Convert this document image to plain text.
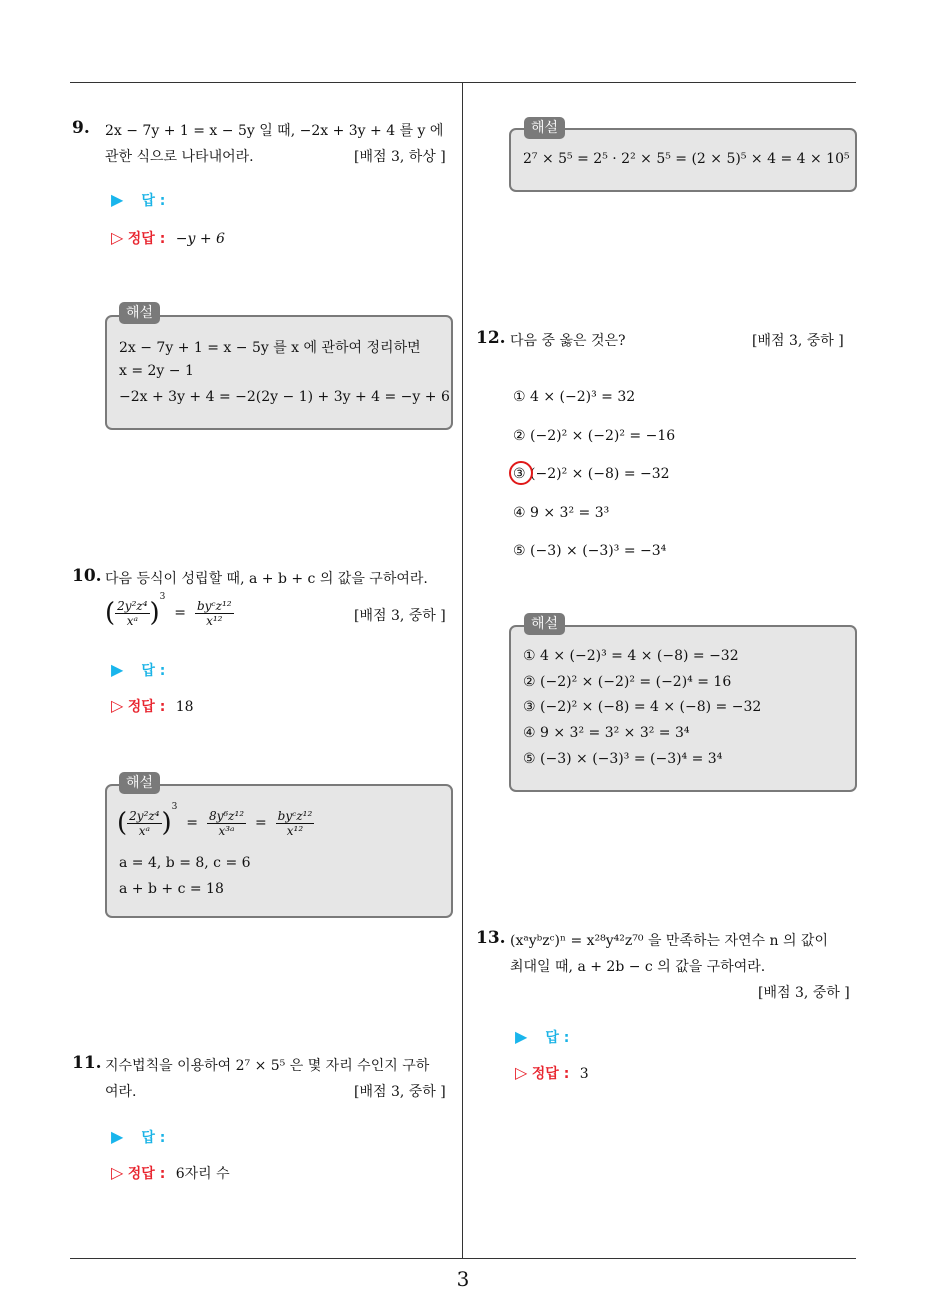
3
9. 2x − 7y + 1 = x − 5y 일 때, −2x + 3y + 4 를 y 에
관한 식으로 나타내어라.	[배점 3, 하상 ]
▶ 답 :
▷ 정답 : −y + 6
2x − 7y + 1 = x − 5y 를 x 에 관하여 정리하면
x = 2y − 1
−2x + 3y + 4 = −2(2y − 1) + 3y + 4 = −y + 6
해설
10. 다음 등식이 성립할 때, a + b + c 의 값을 구하여라.
( $\frac{\text{2y²z⁴}}{\text{xᵃ}} )^3 = \frac{\text{byᶜz¹²}}{\text{x¹²}}$	[배점 3, 중하 ]
▶ 답 :
▷ 정답 : 18
( $\frac{\text{2y²z⁴}}{\text{xᵃ}} )^3 = \frac{\text{8y⁶z¹²}}{\text{x³ᵃ}} = \frac{\text{byᶜz¹²}}{\text{x¹²}}$
a = 4, b = 8, c = 6
a + b + c = 18
해설
11. 지수법칙을 이용하여 2⁷ × 5⁵ 은 몇 자리 수인지 구하
여라.	[배점 3, 중하 ]
▶ 답 :
▷ 정답 : 6자리 수
2⁷ × 5⁵ = 2⁵ · 2² × 5⁵ = (2 × 5)⁵ × 4 = 4 × 10⁵
해설
12. 다음 중 옳은 것은?	[배점 3, 중하 ]
① 4 × (−2)³ = 32
② (−2)² × (−2)² = −16
③ (−2)² × (−8) = −32
④ 9 × 3² = 3³
⑤ (−3) × (−3)³ = −3⁴
① 4 × (−2)³ = 4 × (−8) = −32
② (−2)² × (−2)² = (−2)⁴ = 16
③ (−2)² × (−8) = 4 × (−8) = −32
④ 9 × 3² = 3² × 3² = 3⁴
⑤ (−3) × (−3)³ = (−3)⁴ = 3⁴
해설
13. (xᵃyᵇzᶜ)ⁿ = x²⁸y⁴²z⁷⁰ 을 만족하는 자연수 n 의 값이
최대일 때, a + 2b − c 의 값을 구하여라.
[배점 3, 중하 ]
▶ 답 :
▷ 정답 : 3
